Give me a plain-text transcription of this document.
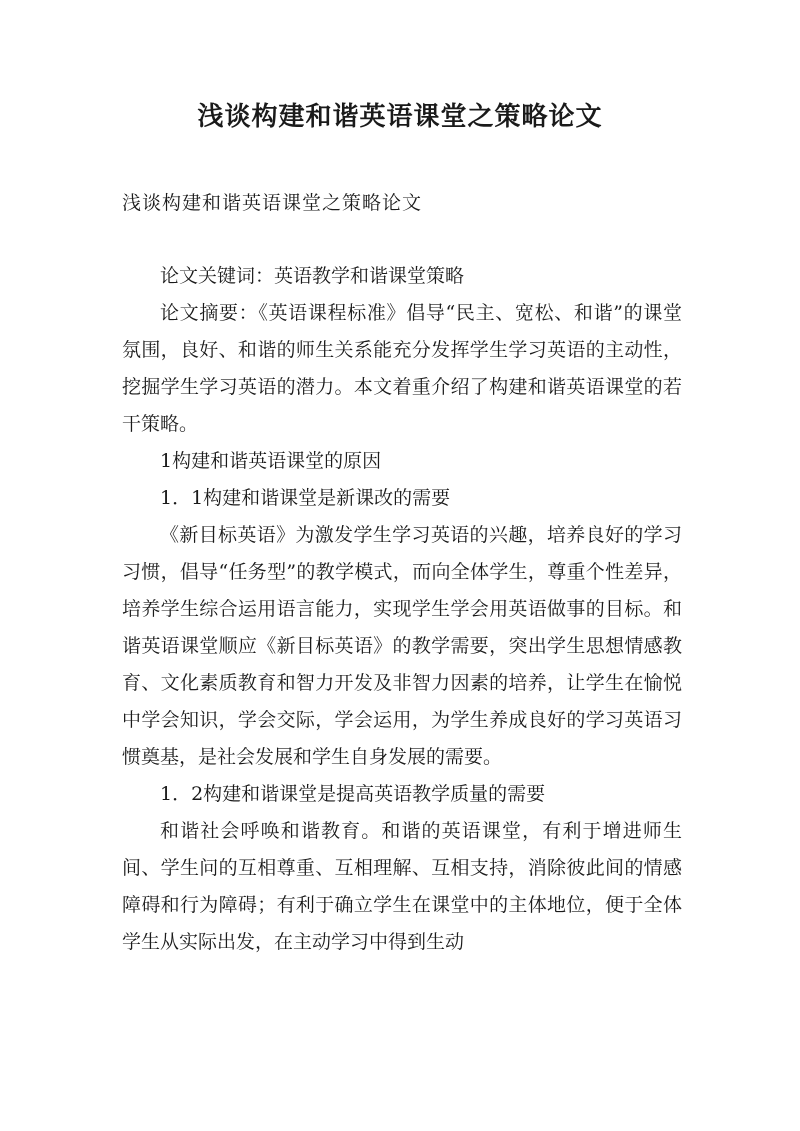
浅谈构建和谐英语课堂之策略论文

浅谈构建和谐英语课堂之策略论文

论文关键词：英语教学和谐课堂策略

论文摘要：《英语课程标准》倡导“民主、宽松、和谐”的课堂氛围，良好、和谐的师生关系能充分发挥学生学习英语的主动性，挖掘学生学习英语的潜力。本文着重介绍了构建和谐英语课堂的若干策略。

1构建和谐英语课堂的原因

1．1构建和谐课堂是新课改的需要

《新目标英语》为激发学生学习英语的兴趣，培养良好的学习习惯，倡导“任务型”的教学模式，而向全体学生，尊重个性差异，培养学生综合运用语言能力，实现学生学会用英语做事的目标。和谐英语课堂顺应《新目标英语》的教学需要，突出学生思想情感教育、文化素质教育和智力开发及非智力因素的培养，让学生在愉悦中学会知识，学会交际，学会运用，为学生养成良好的学习英语习惯奠基，是社会发展和学生自身发展的需要。

1．2构建和谐课堂是提高英语教学质量的需要

和谐社会呼唤和谐教育。和谐的英语课堂，有利于增进师生间、学生问的互相尊重、互相理解、互相支持，消除彼此间的情感障碍和行为障碍；有利于确立学生在课堂中的主体地位，便于全体学生从实际出发，在主动学习中得到生动
